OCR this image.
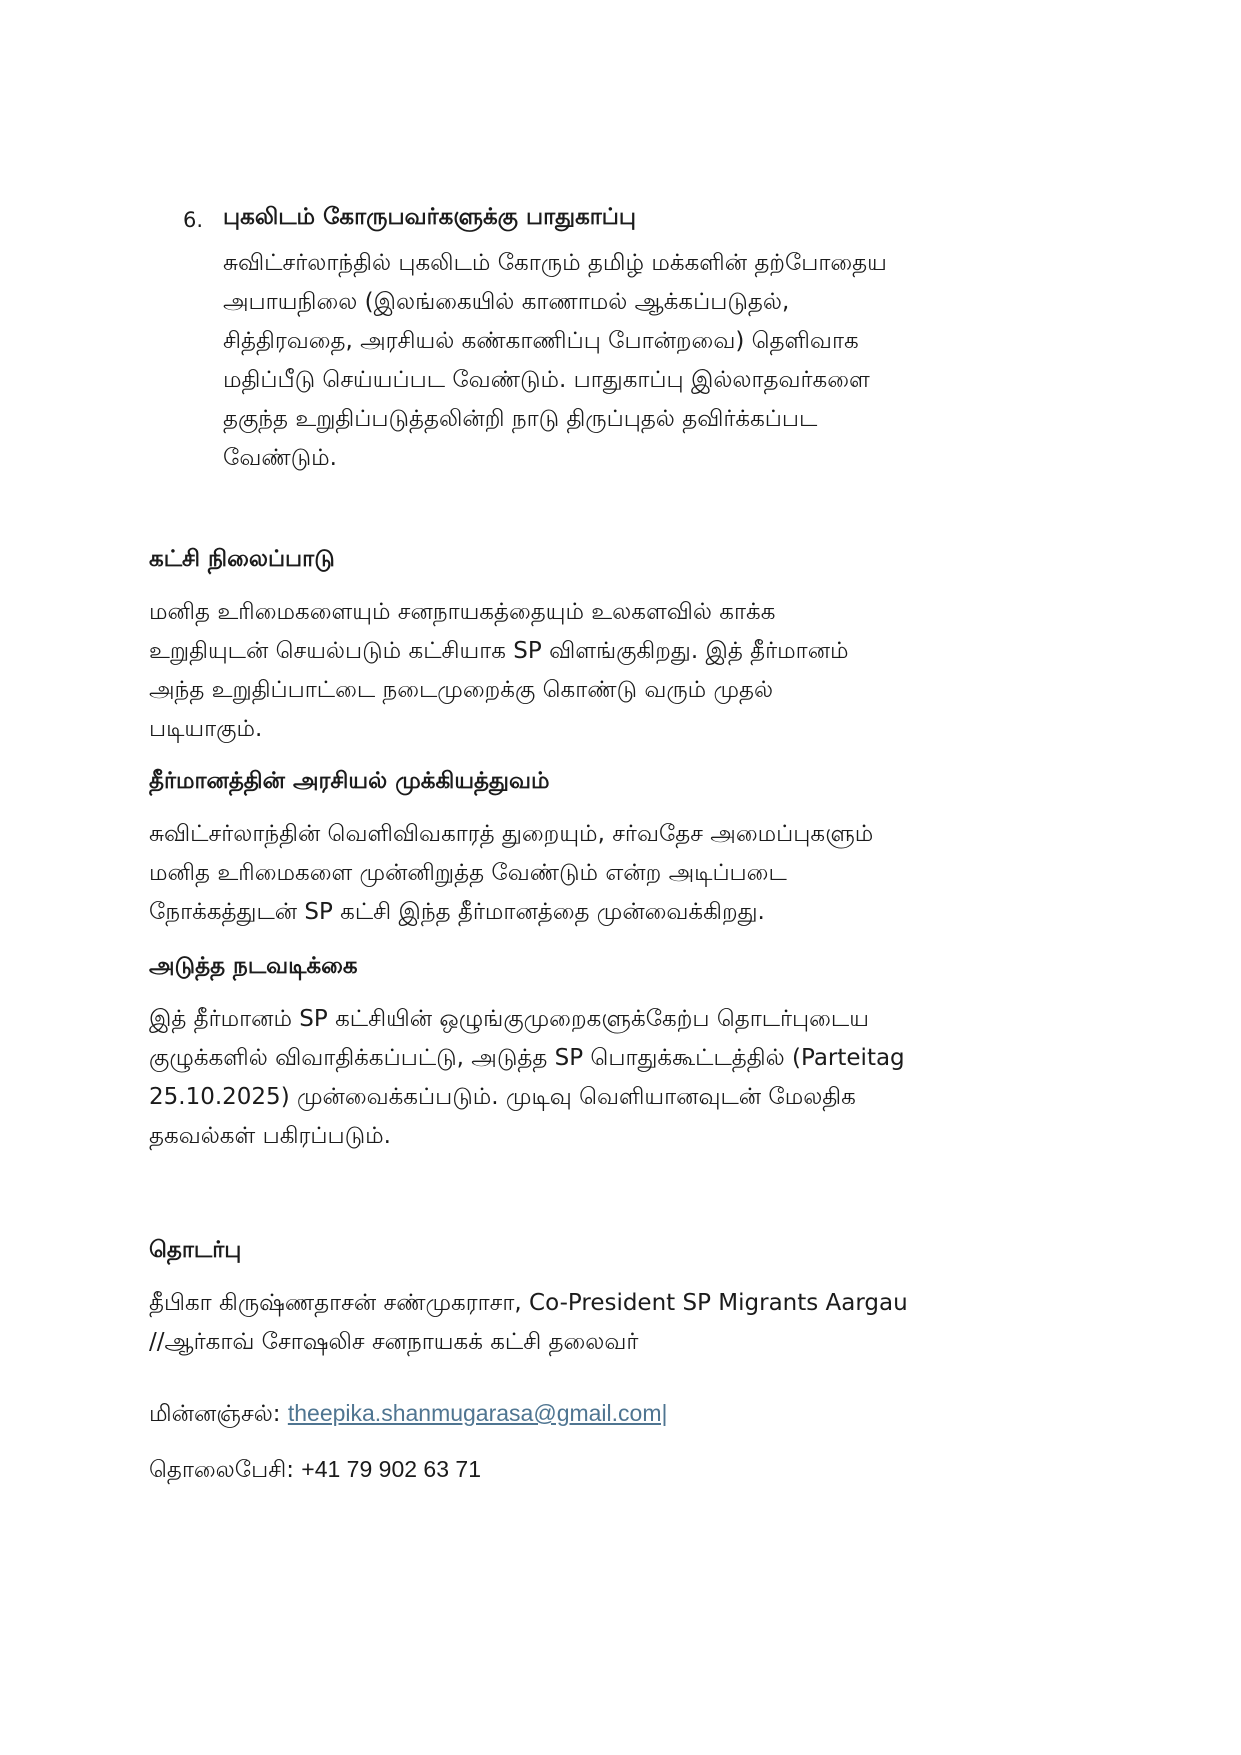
6. புகலிடம் கோருபவர்களுக்கு பாதுகாப்பு
சுவிட்சர்லாந்தில் புகலிடம் கோரும் தமிழ் மக்களின் தற்போதைய
அபாயநிலை (இலங்கையில் காணாமல் ஆக்கப்படுதல்,
சித்திரவதை, அரசியல் கண்காணிப்பு போன்றவை) தெளிவாக
மதிப்பீடு செய்யப்பட வேண்டும். பாதுகாப்பு இல்லாதவர்களை
தகுந்த உறுதிப்படுத்தலின்றி நாடு திருப்புதல் தவிர்க்கப்பட
வேண்டும்.
கட்சி நிலைப்பாடு

மனித உரிமைகளையும் சனநாயகத்தையும் உலகளவில் காக்க
உறுதியுடன் செயல்படும் கட்சியாக SP விளங்குகிறது. இத் தீர்மானம்
அந்த உறுதிப்பாட்டை நடைமுறைக்கு கொண்டு வரும் முதல்
படியாகும்.

தீர்மானத்தின் அரசியல் முக்கியத்துவம்

சுவிட்சர்லாந்தின் வெளிவிவகாரத் துறையும், சர்வதேச அமைப்புகளும்
மனித உரிமைகளை முன்னிறுத்த வேண்டும் என்ற அடிப்படை
நோக்கத்துடன் SP கட்சி இந்த தீர்மானத்தை முன்வைக்கிறது.

அடுத்த நடவடிக்கை

இத் தீர்மானம் SP கட்சியின் ஒழுங்குமுறைகளுக்கேற்ப தொடர்புடைய
குழுக்களில் விவாதிக்கப்பட்டு, அடுத்த SP பொதுக்கூட்டத்தில் (Parteitag
25.10.2025) முன்வைக்கப்படும். முடிவு வெளியானவுடன் மேலதிக
தகவல்கள் பகிரப்படும்.

தொடர்பு

தீபிகா கிருஷ்ணதாசன் சண்முகராசா, Co-President SP Migrants Aargau
//ஆர்காவ் சோஷலிச சனநாயகக் கட்சி தலைவர்

மின்னஞ்சல்: theepika.shanmugarasa@gmail.com|

தொலைபேசி: +41 79 902 63 71
